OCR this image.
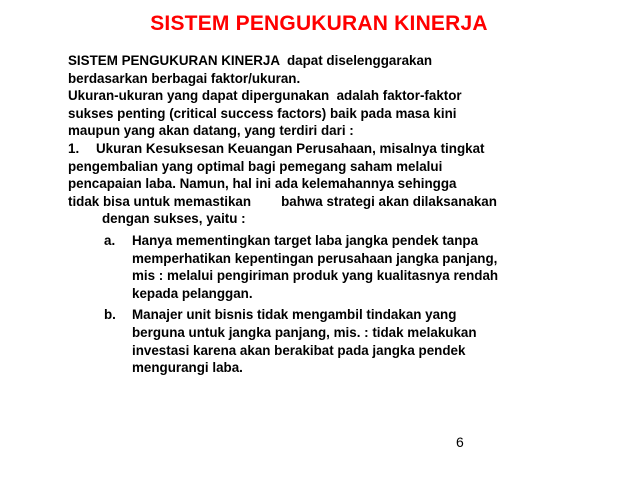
SISTEM PENGUKURAN KINERJA
SISTEM PENGUKURAN KINERJA  dapat diselenggarakan
berdasarkan berbagai faktor/ukuran.
Ukuran-ukuran yang dapat dipergunakan  adalah faktor-faktor
sukses penting (critical success factors) baik pada masa kini
maupun yang akan datang, yang terdiri dari :
1. Ukuran Kesuksesan Keuangan Perusahaan, misalnya tingkat
pengembalian yang optimal bagi pemegang saham melalui
pencapaian laba. Namun, hal ini ada kelemahannya sehingga
tidak bisa untuk memastikan bahwa strategi akan dilaksanakan
dengan sukses, yaitu :
a.	Hanya mementingkan target laba jangka pendek tanpa
memperhatikan kepentingan perusahaan jangka panjang,
mis : melalui pengiriman produk yang kualitasnya rendah
kepada pelanggan.
b.	Manajer unit bisnis tidak mengambil tindakan yang
berguna untuk jangka panjang, mis. : tidak melakukan
investasi karena akan berakibat pada jangka pendek
mengurangi laba.
6
